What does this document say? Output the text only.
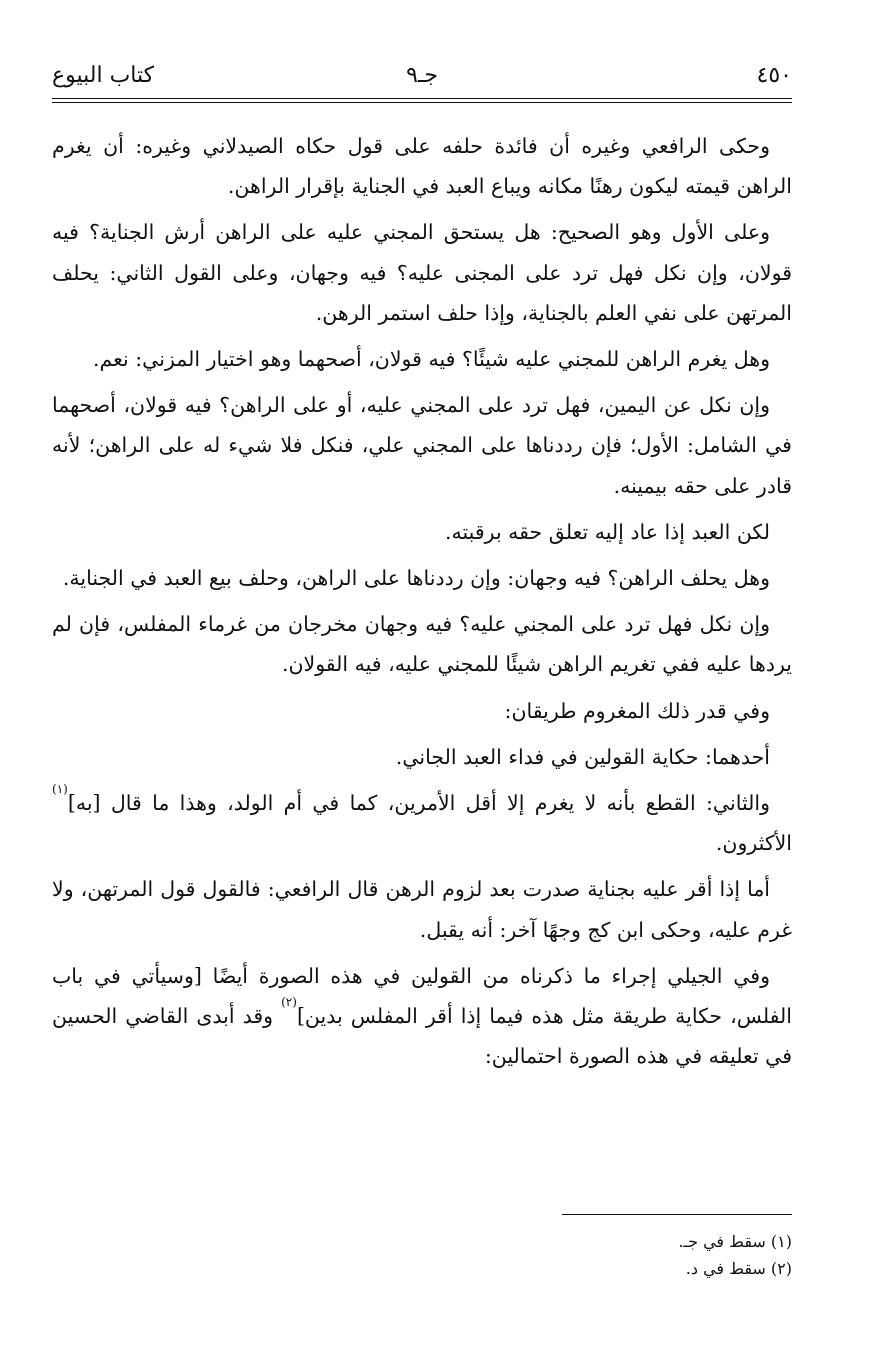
٤٥٠
جـ٩
كتاب البيوع

وحكى الرافعي وغيره أن فائدة حلفه على قول حكاه الصيدلاني وغيره: أن يغرم الراهن قيمته ليكون رهنًا مكانه ويباع العبد في الجناية بإقرار الراهن.

وعلى الأول وهو الصحيح: هل يستحق المجني عليه على الراهن أرش الجناية؟ فيه قولان، وإن نكل فهل ترد على المجنى عليه؟ فيه وجهان، وعلى القول الثاني: يحلف المرتهن على نفي العلم بالجناية، وإذا حلف استمر الرهن.

وهل يغرم الراهن للمجني عليه شيئًا؟ فيه قولان، أصحهما وهو اختيار المزني: نعم.

وإن نكل عن اليمين، فهل ترد على المجني عليه، أو على الراهن؟ فيه قولان، أصحهما في الشامل: الأول؛ فإن رددناها على المجني علي، فنكل فلا شيء له على الراهن؛ لأنه قادر على حقه بيمينه.

لكن العبد إذا عاد إليه تعلق حقه برقبته.

وهل يحلف الراهن؟ فيه وجهان: وإن رددناها على الراهن، وحلف بيع العبد في الجناية.

وإن نكل فهل ترد على المجني عليه؟ فيه وجهان مخرجان من غرماء المفلس، فإن لم يردها عليه ففي تغريم الراهن شيئًا للمجني عليه، فيه القولان.

وفي قدر ذلك المغروم طريقان:

أحدهما: حكاية القولين في فداء العبد الجاني.

والثاني: القطع بأنه لا يغرم إلا أقل الأمرين، كما في أم الولد، وهذا ما قال [به]$^{(١)}$ الأكثرون.

أما إذا أقر عليه بجناية صدرت بعد لزوم الرهن قال الرافعي: فالقول قول المرتهن، ولا غرم عليه، وحكى ابن كج وجهًا آخر: أنه يقبل.

وفي الجيلي إجراء ما ذكرناه من القولين في هذه الصورة أيضًا [وسيأتي في باب الفلس، حكاية طريقة مثل هذه فيما إذا أقر المفلس بدين]$^{(٢)}$ وقد أبدى القاضي الحسين في تعليقه في هذه الصورة احتمالين:

(١) سقط في جـ.
(٢) سقط في د.
